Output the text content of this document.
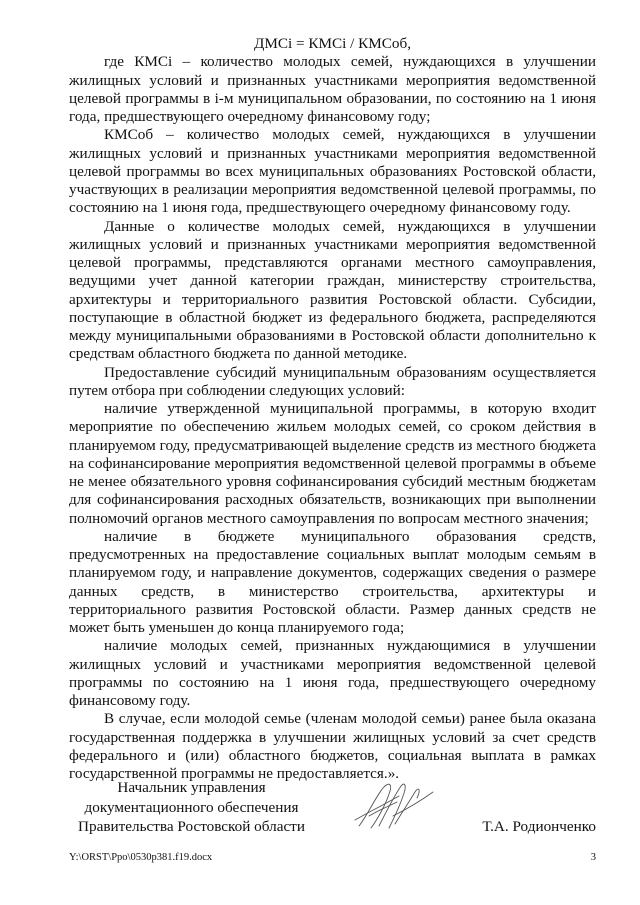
ДМСi = КМСi / КМСоб,

где КМСi – количество молодых семей, нуждающихся в улучшении жилищных условий и признанных участниками мероприятия ведомственной целевой программы в i-м муниципальном образовании, по состоянию на 1 июня года, предшествующего очередному финансовому году;

КМСоб – количество молодых семей, нуждающихся в улучшении жилищных условий и признанных участниками мероприятия ведомственной целевой программы во всех муниципальных образованиях Ростовской области, участвующих в реализации мероприятия ведомственной целевой программы, по состоянию на 1 июня года, предшествующего очередному финансовому году.

Данные о количестве молодых семей, нуждающихся в улучшении жилищных условий и признанных участниками мероприятия ведомственной целевой программы, представляются органами местного самоуправления, ведущими учет данной категории граждан, министерству строительства, архитектуры и территориального развития Ростовской области. Субсидии, поступающие в областной бюджет из федерального бюджета, распределяются между муниципальными образованиями в Ростовской области дополнительно к средствам областного бюджета по данной методике.

Предоставление субсидий муниципальным образованиям осуществляется путем отбора при соблюдении следующих условий:

наличие утвержденной муниципальной программы, в которую входит мероприятие по обеспечению жильем молодых семей, со сроком действия в планируемом году, предусматривающей выделение средств из местного бюджета на софинансирование мероприятия ведомственной целевой программы в объеме не менее обязательного уровня софинансирования субсидий местным бюджетам для софинансирования расходных обязательств, возникающих при выполнении полномочий органов местного самоуправления по вопросам местного значения;

наличие в бюджете муниципального образования средств, предусмотренных на предоставление социальных выплат молодым семьям в планируемом году, и направление документов, содержащих сведения о размере данных средств, в министерство строительства, архитектуры и территориального развития Ростовской области. Размер данных средств не может быть уменьшен до конца планируемого года;

наличие молодых семей, признанных нуждающимися в улучшении жилищных условий и участниками мероприятия ведомственной целевой программы по состоянию на 1 июня года, предшествующего очередному финансовому году.

В случае, если молодой семье (членам молодой семьи) ранее была оказана государственная поддержка в улучшении жилищных условий за счет средств федерального и (или) областного бюджетов, социальная выплата в рамках государственной программы не предоставляется.».

Начальник управления
документационного обеспечения
Правительства Ростовской области	Т.А. Родионченко
Y:\ORST\Ppo\0530p381.f19.docx	3
